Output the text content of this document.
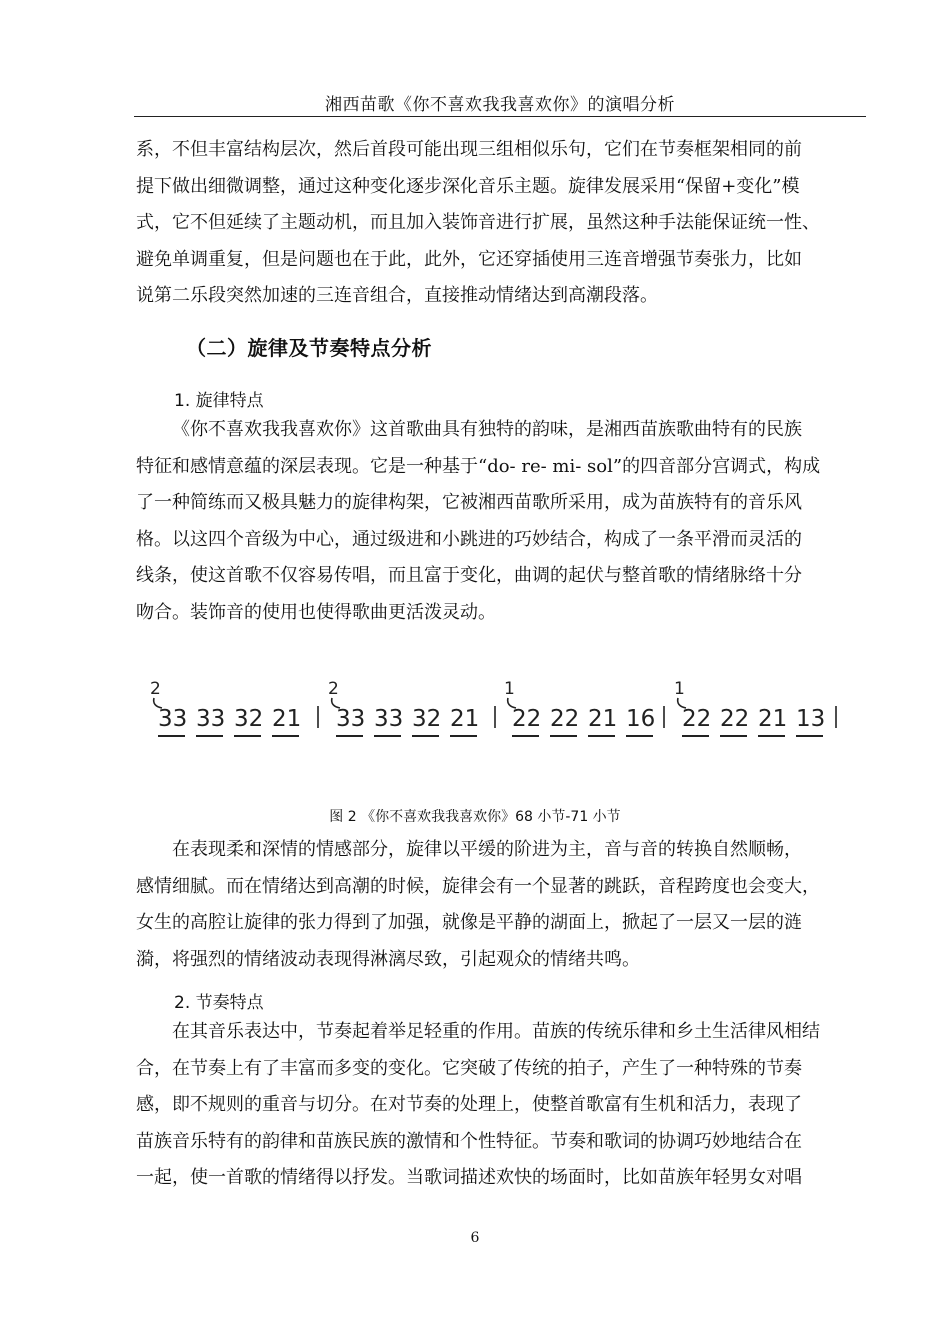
湘西苗歌《你不喜欢我我喜欢你》的演唱分析
系，不但丰富结构层次，然后首段可能出现三组相似乐句，它们在节奏框架相同的前
提下做出细微调整，通过这种变化逐步深化音乐主题。旋律发展采用“保留+变化”模
式，它不但延续了主题动机，而且加入装饰音进行扩展，虽然这种手法能保证统一性、
避免单调重复，但是问题也在于此，此外，它还穿插使用三连音增强节奏张力，比如
说第二乐段突然加速的三连音组合，直接推动情绪达到高潮段落。
（二）旋律及节奏特点分析
1. 旋律特点
《你不喜欢我我喜欢你》这首歌曲具有独特的韵味，是湘西苗族歌曲特有的民族
特征和感情意蕴的深层表现。它是一种基于“do- re- mi- sol”的四音部分宫调式，构成
了一种简练而又极具魅力的旋律构架，它被湘西苗歌所采用，成为苗族特有的音乐风
格。以这四个音级为中心，通过级进和小跳进的巧妙结合，构成了一条平滑而灵活的
线条，使这首歌不仅容易传唱，而且富于变化，曲调的起伏与整首歌的情绪脉络十分
吻合。装饰音的使用也使得歌曲更活泼灵动。
2
33 33 32 21
2
33 33 32 21
1
22 22 21 16
1
22 22 21 13
图 2 《你不喜欢我我喜欢你》68 小节-71 小节
在表现柔和深情的情感部分，旋律以平缓的阶进为主，音与音的转换自然顺畅，
感情细腻。而在情绪达到高潮的时候，旋律会有一个显著的跳跃，音程跨度也会变大，
女生的高腔让旋律的张力得到了加强，就像是平静的湖面上，掀起了一层又一层的涟
漪，将强烈的情绪波动表现得淋漓尽致，引起观众的情绪共鸣。
2. 节奏特点
在其音乐表达中，节奏起着举足轻重的作用。苗族的传统乐律和乡土生活律风相结
合，在节奏上有了丰富而多变的变化。它突破了传统的拍子，产生了一种特殊的节奏
感，即不规则的重音与切分。在对节奏的处理上，使整首歌富有生机和活力，表现了
苗族音乐特有的韵律和苗族民族的激情和个性特征。节奏和歌词的协调巧妙地结合在
一起，使一首歌的情绪得以抒发。当歌词描述欢快的场面时，比如苗族年轻男女对唱
6
